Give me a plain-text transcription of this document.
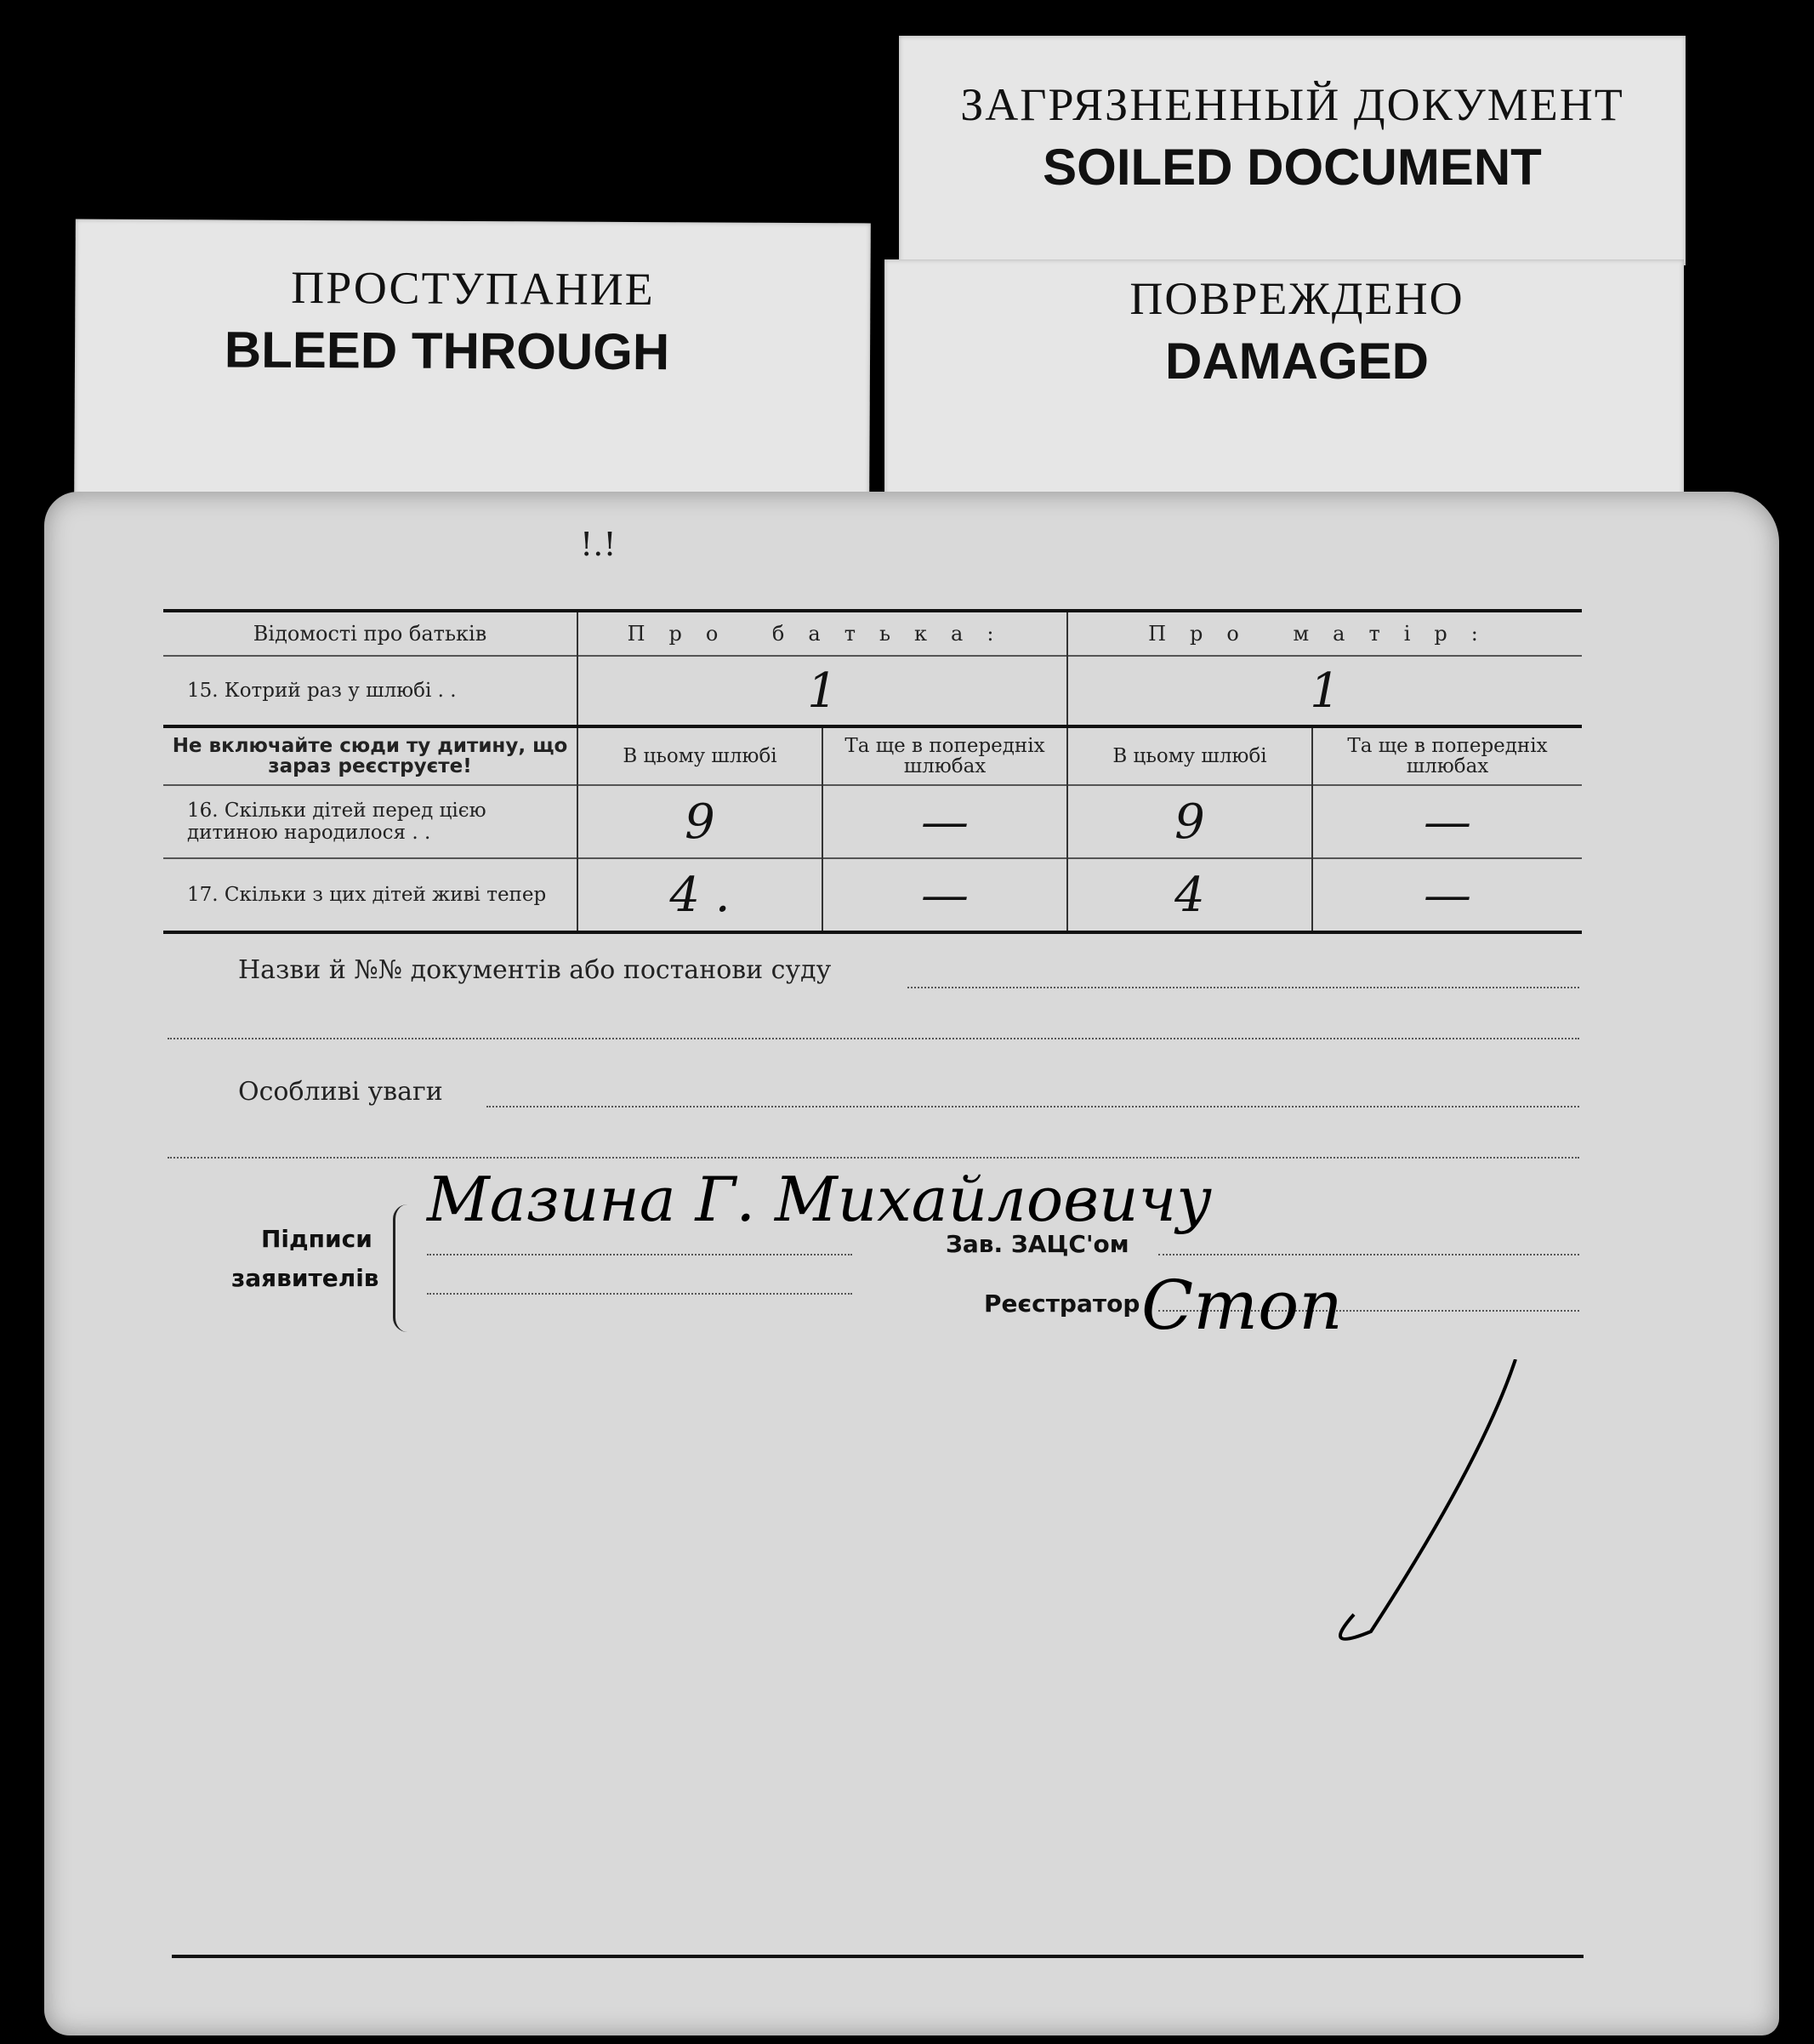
ЗАГРЯЗНЕННЫЙ ДОКУМЕНТ
SOILED DOCUMENT
ПРОСТУПАНИЕ
BLEED THROUGH
ПОВРЕЖДЕНО
DAMAGED
!.!
Відомості про батьків	Про батька:		Про матір:	
15. Котрий раз у шлюбі . .	1		1	
Не включайте сюди ту дитину, що зараз реєструєте!	В цьому шлюбі	Та ще в попередніх шлюбах	В цьому шлюбі	Та ще в попередніх шлюбах
16. Скільки дітей перед цією дитиною народилося . .	9	—	9	—
17. Скільки з цих дітей живі тепер	4 .	—	4	—
Назви й №№ документів або постанови суду
Особливі уваги
Підписи
заявителів
Мазина Г. Михайловичу
Зав. ЗАЦС'ом
Реєстратор Стоп
